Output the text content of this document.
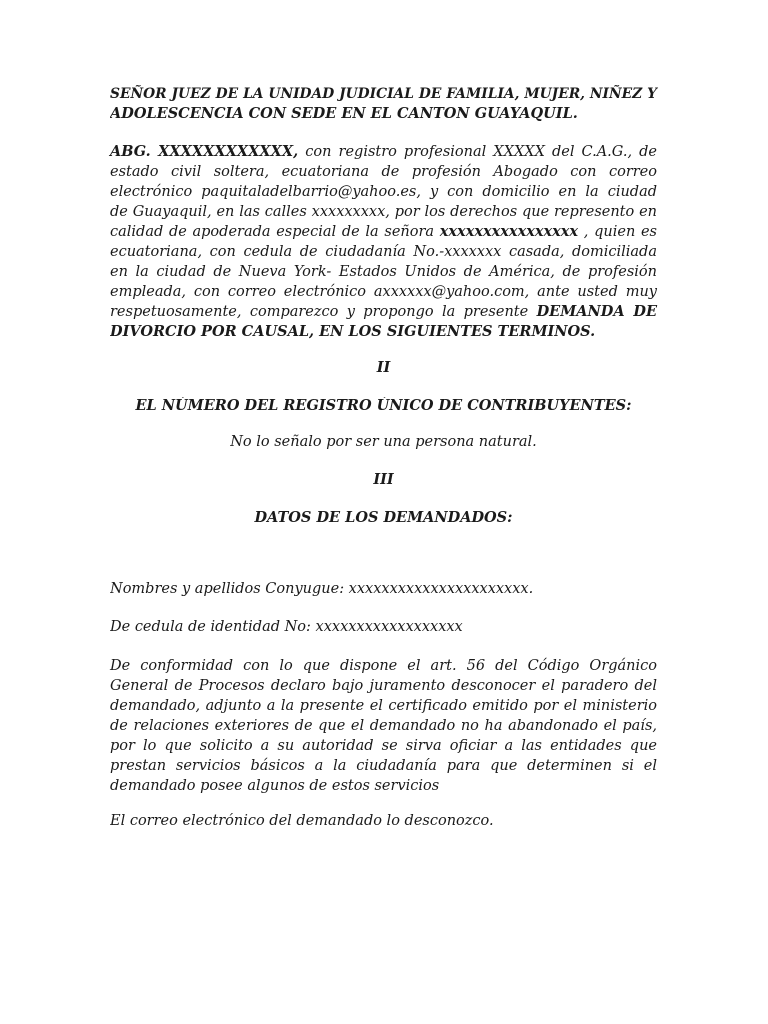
SEÑOR JUEZ DE LA UNIDAD JUDICIAL DE FAMILIA, MUJER, NIÑEZ Y
ADOLESCENCIA CON SEDE EN EL CANTON GUAYAQUIL.
ABG. XXXXXXXXXXXX, con registro profesional XXXXX del C.A.G., de
estado civil soltera, ecuatoriana de profesión Abogado con correo
electrónico paquitaladelbarrio@yahoo.es, y con domicilio en la ciudad
de Guayaquil, en las calles xxxxxxxxx, por los derechos que represento en
calidad de apoderada especial de la señora xxxxxxxxxxxxxxxx , quien es
ecuatoriana, con cedula de ciudadanía No.-xxxxxxx casada, domiciliada
en la ciudad de Nueva York- Estados Unidos de América, de profesión
empleada, con correo electrónico axxxxxx@yahoo.com, ante usted muy
respetuosamente, comparezco y propongo la presente DEMANDA DE
DIVORCIO POR CAUSAL, EN LOS SIGUIENTES TERMINOS.
II
EL NÚMERO DEL REGISTRO ÚNICO DE CONTRIBUYENTES:
No lo señalo por ser una persona natural.
III
DATOS DE LOS DEMANDADOS:
Nombres y apellidos Conyugue: xxxxxxxxxxxxxxxxxxxxxx.
De cedula de identidad No: xxxxxxxxxxxxxxxxxx
De conformidad con lo que dispone el art. 56 del Código Orgánico
General de Procesos declaro bajo juramento desconocer el paradero del
demandado, adjunto a la presente el certificado emitido por el ministerio
de relaciones exteriores de que el demandado no ha abandonado el país,
por lo que solicito a su autoridad se sirva oficiar a las entidades que
prestan servicios básicos a la ciudadanía para que determinen si el
demandado posee algunos de estos servicios
El correo electrónico del demandado lo desconozco.
